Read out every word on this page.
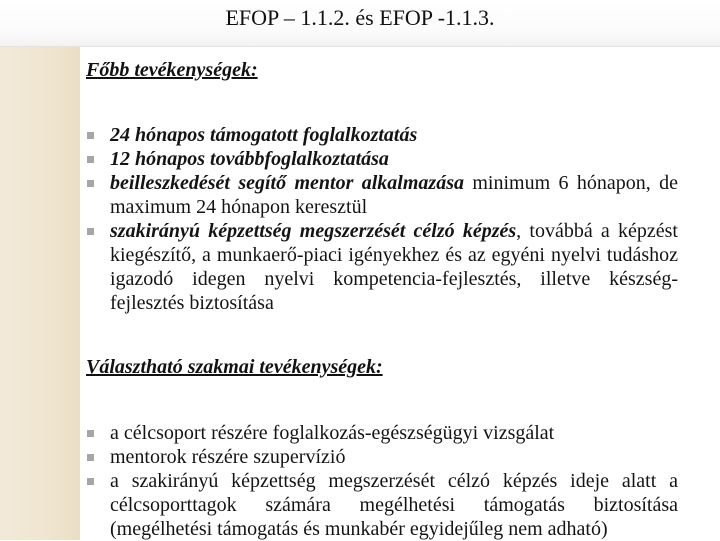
EFOP – 1.1.2. és EFOP -1.1.3.
Főbb tevékenységek:
24 hónapos támogatott foglalkoztatás
12 hónapos továbbfoglalkoztatása
beilleszkedését segítő mentor alkalmazása minimum 6 hónapon, de maximum 24 hónapon keresztül
szakirányú képzettség megszerzését célzó képzés, továbbá a képzést kiegészítő, a munkaerő-piaci igényekhez és az egyéni nyelvi tudáshoz igazodó idegen nyelvi kompetencia-fejlesztés, illetve készség-fejlesztés biztosítása
Választható szakmai tevékenységek:
a célcsoport részére foglalkozás-egészségügyi vizsgálat
mentorok részére szupervízió
a szakirányú képzettség megszerzését célzó képzés ideje alatt a célcsoporttagok számára megélhetési támogatás biztosítása (megélhetési támogatás és munkabér egyidejűleg nem adható)
